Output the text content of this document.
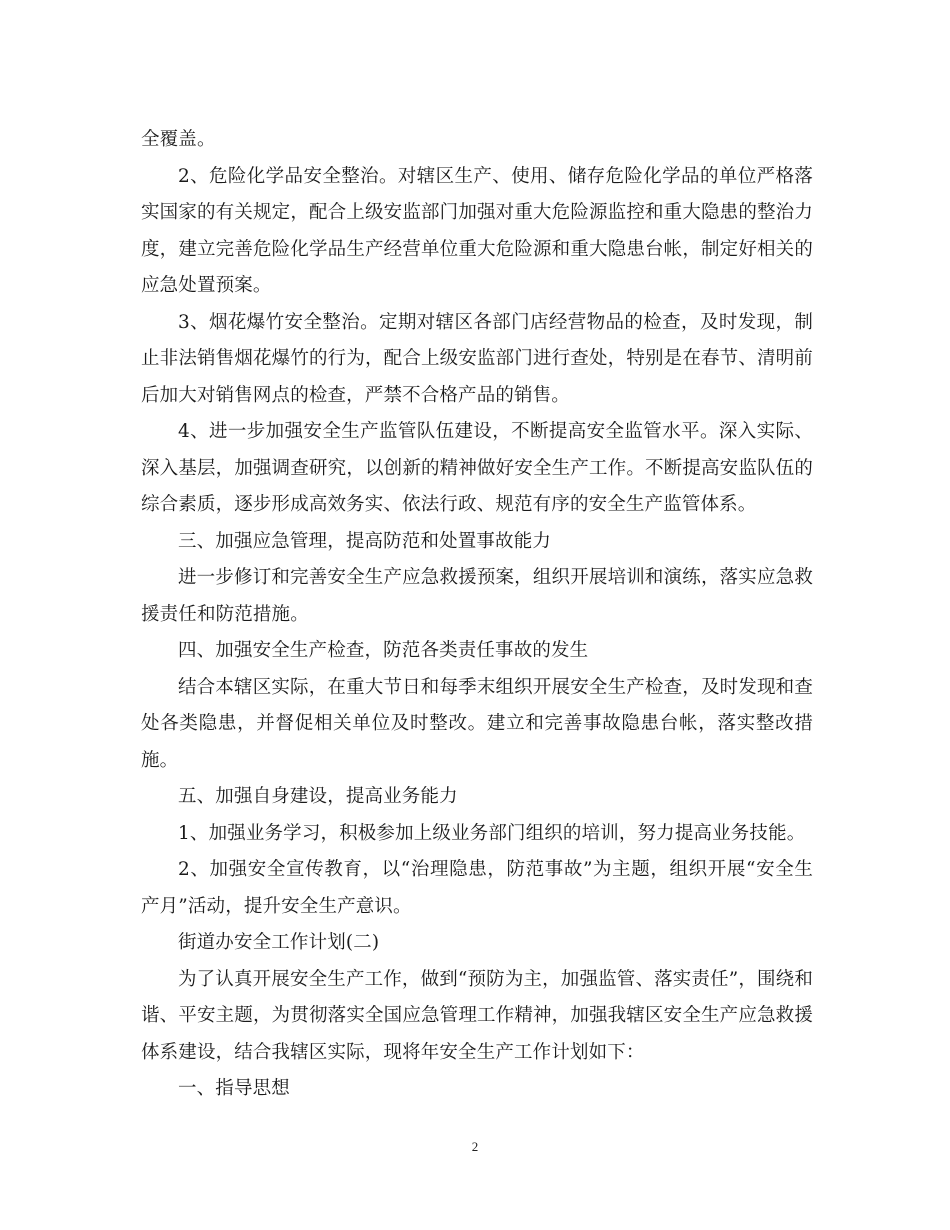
全覆盖。

2、危险化学品安全整治。对辖区生产、使用、储存危险化学品的单位严格落实国家的有关规定，配合上级安监部门加强对重大危险源监控和重大隐患的整治力度，建立完善危险化学品生产经营单位重大危险源和重大隐患台帐，制定好相关的应急处置预案。

3、烟花爆竹安全整治。定期对辖区各部门店经营物品的检查，及时发现，制止非法销售烟花爆竹的行为，配合上级安监部门进行查处，特别是在春节、清明前后加大对销售网点的检查，严禁不合格产品的销售。

4、进一步加强安全生产监管队伍建设，不断提高安全监管水平。深入实际、深入基层，加强调查研究，以创新的精神做好安全生产工作。不断提高安监队伍的综合素质，逐步形成高效务实、依法行政、规范有序的安全生产监管体系。

三、加强应急管理，提高防范和处置事故能力

进一步修订和完善安全生产应急救援预案，组织开展培训和演练，落实应急救援责任和防范措施。

四、加强安全生产检查，防范各类责任事故的发生

结合本辖区实际，在重大节日和每季末组织开展安全生产检查，及时发现和查处各类隐患，并督促相关单位及时整改。建立和完善事故隐患台帐，落实整改措施。

五、加强自身建设，提高业务能力

1、加强业务学习，积极参加上级业务部门组织的培训，努力提高业务技能。

2、加强安全宣传教育，以“治理隐患，防范事故”为主题，组织开展“安全生产月”活动，提升安全生产意识。

街道办安全工作计划(二)

为了认真开展安全生产工作，做到“预防为主，加强监管、落实责任”，围绕和谐、平安主题，为贯彻落实全国应急管理工作精神，加强我辖区安全生产应急救援体系建设，结合我辖区实际，现将年安全生产工作计划如下：

一、指导思想

2
